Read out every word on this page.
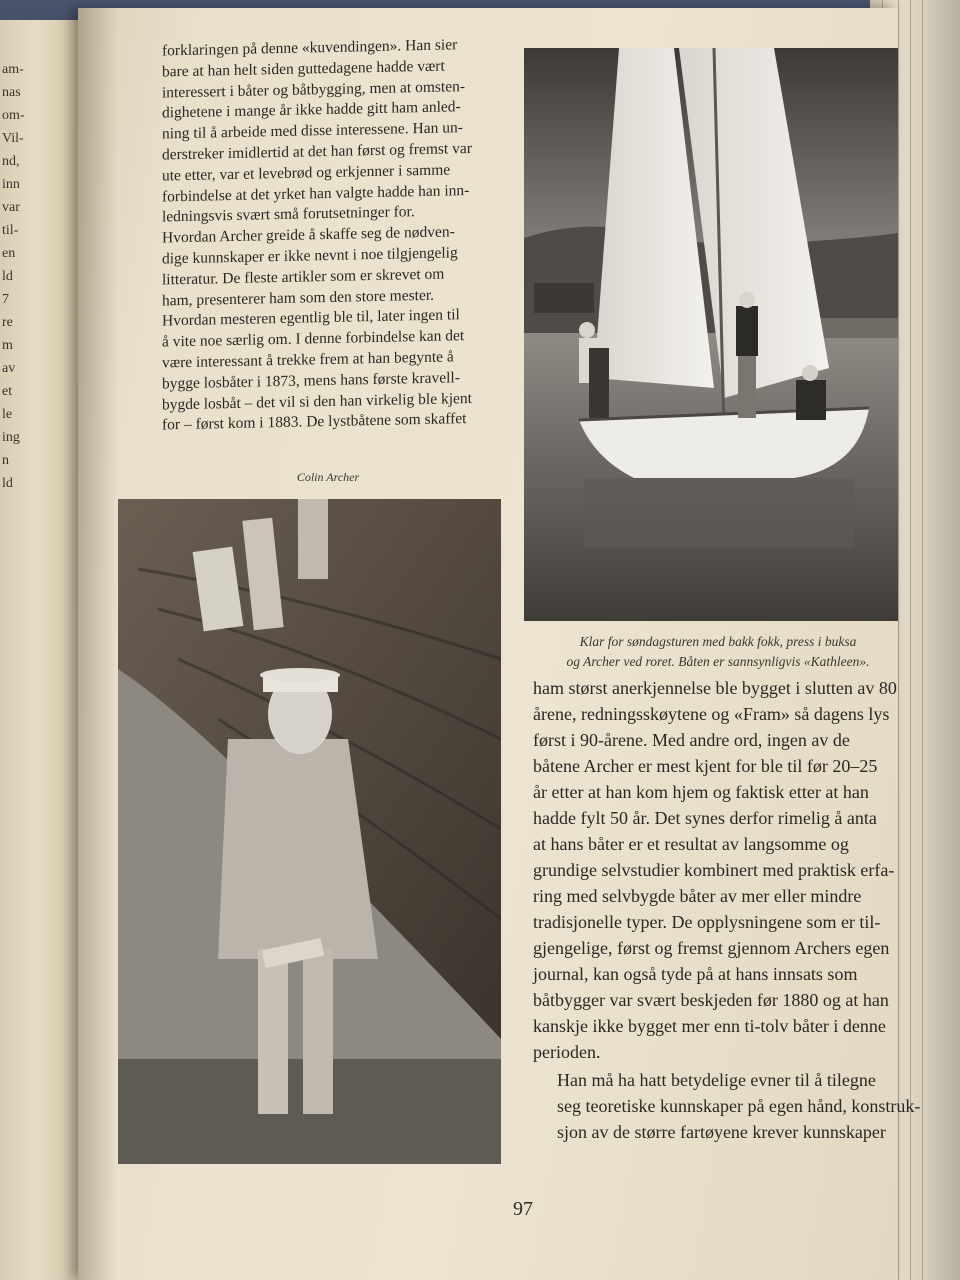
am-
nas
om-
Vil-
nd,
inn
var
til-
en
ld
7
re
m
av
et
le
ing
n
ld
forklaringen på denne «kuvendingen». Han sier
bare at han helt siden guttedagene hadde vært
interessert i båter og båtbygging, men at omsten-
dighetene i mange år ikke hadde gitt ham anled-
ning til å arbeide med disse interessene. Han un-
derstreker imidlertid at det han først og fremst var
ute etter, var et levebrød og erkjenner i samme
forbindelse at det yrket han valgte hadde han inn-
ledningsvis svært små forutsetninger for.
Hvordan Archer greide å skaffe seg de nødven-
dige kunnskaper er ikke nevnt i noe tilgjengelig
litteratur. De fleste artikler som er skrevet om
ham, presenterer ham som den store mester.
Hvordan mesteren egentlig ble til, later ingen til
å vite noe særlig om. I denne forbindelse kan det
være interessant å trekke frem at han begynte å
bygge losbåter i 1873, mens hans første kravell-
bygde losbåt – det vil si den han virkelig ble kjent
for – først kom i 1883. De lystbåtene som skaffet
Colin Archer
Klar for søndagsturen med bakk fokk, press i buksa
og Archer ved roret. Båten er sannsynligvis «Kathleen».
ham størst anerkjennelse ble bygget i slutten av 80
årene, redningsskøytene og «Fram» så dagens lys
først i 90-årene. Med andre ord, ingen av de
båtene Archer er mest kjent for ble til før 20–25
år etter at han kom hjem og faktisk etter at han
hadde fylt 50 år. Det synes derfor rimelig å anta
at hans båter er et resultat av langsomme og
grundige selvstudier kombinert med praktisk erfa-
ring med selvbygde båter av mer eller mindre
tradisjonelle typer. De opplysningene som er til-
gjengelige, først og fremst gjennom Archers egen
journal, kan også tyde på at hans innsats som
båtbygger var svært beskjeden før 1880 og at han
kanskje ikke bygget mer enn ti-tolv båter i denne
perioden.
Han må ha hatt betydelige evner til å tilegne
seg teoretiske kunnskaper på egen hånd, konstruk-
sjon av de større fartøyene krever kunnskaper
97
